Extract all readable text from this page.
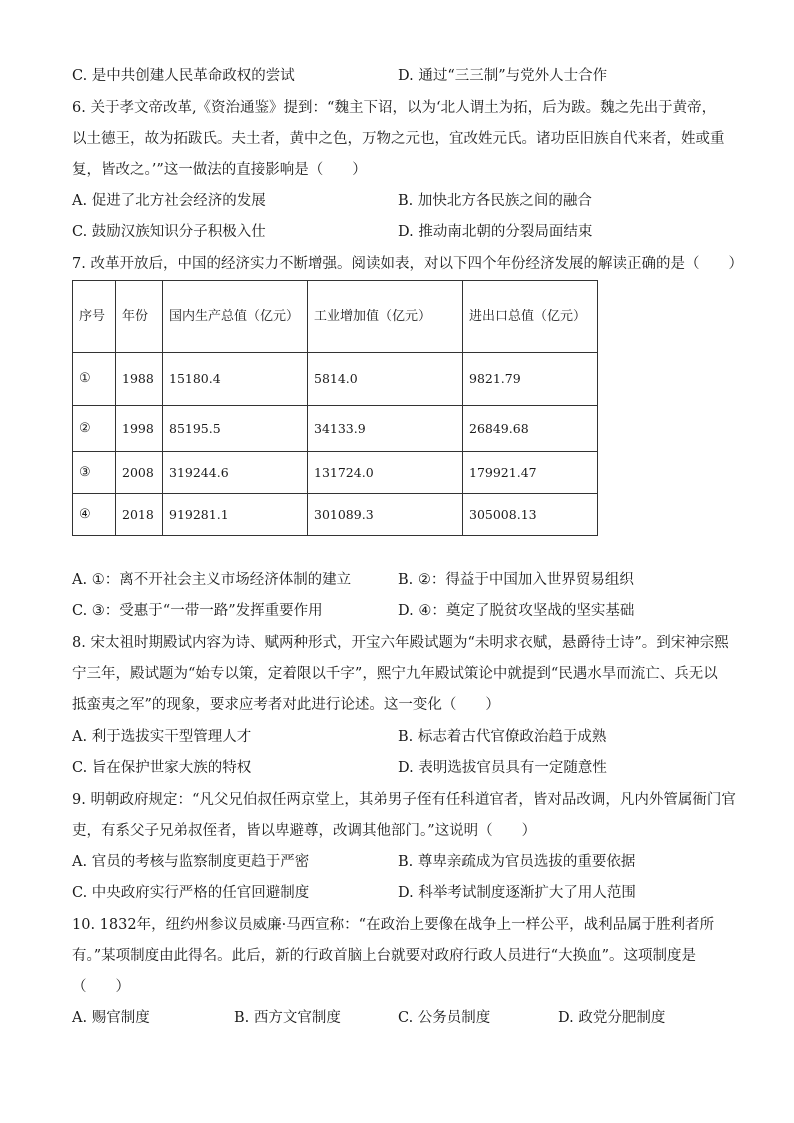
C. 是中共创建人民革命政权的尝试	D. 通过“三三制”与党外人士合作
6. 关于孝文帝改革,《资治通鉴》提到：“魏主下诏，以为‘北人谓土为拓，后为跋。魏之先出于黄帝，
以土德王，故为拓跋氏。夫土者，黄中之色，万物之元也，宜改姓元氏。诸功臣旧族自代来者，姓或重
复，皆改之。’”这一做法的直接影响是（　　）
A. 促进了北方社会经济的发展	B. 加快北方各民族之间的融合
C. 鼓励汉族知识分子积极入仕	D. 推动南北朝的分裂局面结束
7. 改革开放后，中国的经济实力不断增强。阅读如表，对以下四个年份经济发展的解读正确的是（　　）
序号	年份	国内生产总值（亿元）	工业增加值（亿元）	进出口总值（亿元）
①	1988	15180.4	5814.0	9821.79
②	1998	85195.5	34133.9	26849.68
③	2008	319244.6	131724.0	179921.47
④	2018	919281.1	301089.3	305008.13
A. ①：离不开社会主义市场经济体制的建立	B. ②：得益于中国加入世界贸易组织
C. ③：受惠于“一带一路”发挥重要作用	D. ④：奠定了脱贫攻坚战的坚实基础
8. 宋太祖时期殿试内容为诗、赋两种形式，开宝六年殿试题为“未明求衣赋，悬爵待士诗”。到宋神宗熙
宁三年，殿试题为“始专以策，定着限以千字”，熙宁九年殿试策论中就提到“民遇水旱而流亡、兵无以
抵蛮夷之军”的现象，要求应考者对此进行论述。这一变化（　　）
A. 利于选拔实干型管理人才	B. 标志着古代官僚政治趋于成熟
C. 旨在保护世家大族的特权	D. 表明选拔官员具有一定随意性
9. 明朝政府规定：“凡父兄伯叔任两京堂上，其弟男子侄有任科道官者，皆对品改调，凡内外管属衙门官
吏，有系父子兄弟叔侄者，皆以卑避尊，改调其他部门。”这说明（　　）
A. 官员的考核与监察制度更趋于严密	B. 尊卑亲疏成为官员选拔的重要依据
C. 中央政府实行严格的任官回避制度	D. 科举考试制度逐渐扩大了用人范围
10. 1832年，纽约州参议员威廉·马西宣称：“在政治上要像在战争上一样公平，战利品属于胜利者所
有。”某项制度由此得名。此后，新的行政首脑上台就要对政府行政人员进行“大换血”。这项制度是
（　　）
A. 赐官制度	B. 西方文官制度	C. 公务员制度	D. 政党分肥制度
